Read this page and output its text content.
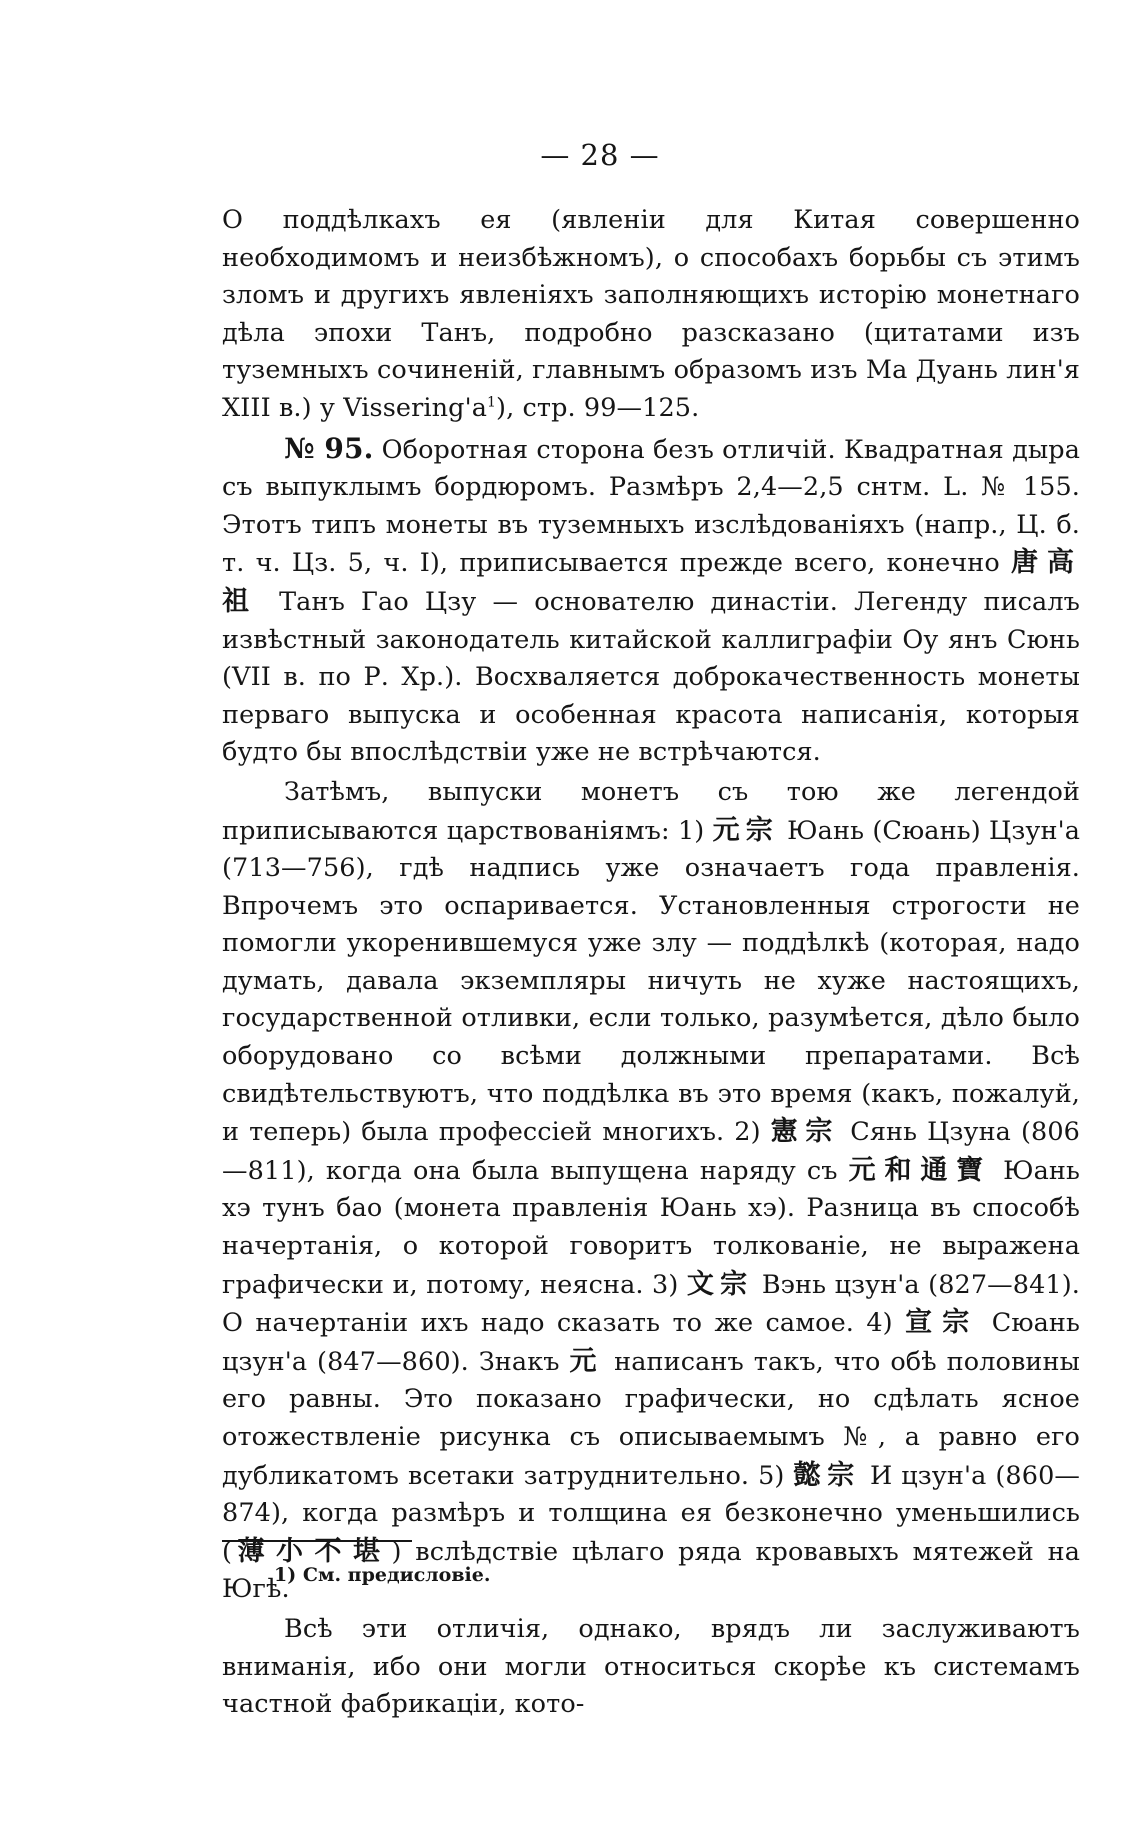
— 28 —

О поддѣлкахъ ея (явленіи для Китая совершенно необходимомъ и неизбѣжномъ), о способахъ борьбы съ этимъ зломъ и другихъ явленіяхъ заполняющихъ исторію монетнаго дѣла эпохи Танъ, подробно разсказано (цитатами изъ туземныхъ сочиненій, главнымъ образомъ изъ Ма Дуань лин'я XIII в.) у $Vissering'a^1$), стр. 99—125.

№ 95. Оборотная сторона безъ отличій. Квадратная дыра съ выпуклымъ бордюромъ. Размѣръ 2,4—2,5 снтм. L. № 155. Этотъ типъ монеты въ туземныхъ изслѣдованіяхъ (напр., Ц. б. т. ч. Цз. 5, ч. I), приписывается прежде всего, конечно 唐高祖 Танъ Гао Цзу — основателю династіи. Легенду писалъ извѣстный законодатель китайской каллиграфіи Оу янъ Сюнь (VII в. по Р. Хр.). Восхваляется доброкачественность монеты перваго выпуска и особенная красота написанія, которыя будто бы впослѣдствіи уже не встрѣчаются.

Затѣмъ, выпуски монетъ съ тою же легендой приписываются царствованіямъ: 1) 元宗 Юань (Сюань) Цзун'а (713—756), гдѣ надпись уже означаетъ года правленія. Впрочемъ это оспаривается. Установленныя строгости не помогли укоренившемуся уже злу — поддѣлкѣ (которая, надо думать, давала экземпляры ничуть не хуже настоящихъ, государственной отливки, если только, разумѣется, дѣло было оборудовано со всѣми должными препаратами. Всѣ свидѣтельствуютъ, что поддѣлка въ это время (какъ, пожалуй, и теперь) была профессіей многихъ. 2) 憲宗 Сянь Цзуна (806—811), когда она была выпущена наряду съ 元和通寶 Юань хэ тунъ бао (монета правленія Юань хэ). Разница въ способѣ начертанія, о которой говоритъ толкованіе, не выражена графически и, потому, неясна. 3) 文宗 Вэнь цзун'а (827—841). О начертаніи ихъ надо сказать то же самое. 4) 宣宗 Сюань цзун'а (847—860). Знакъ 元 написанъ такъ, что обѣ половины его равны. Это показано графически, но сдѣлать ясное отожествленіе рисунка съ описываемымъ №, а равно его дубликатомъ всетаки затруднительно. 5) 懿宗 И цзун'а (860—874), когда размѣръ и толщина ея безконечно уменьшились (薄小不堪) вслѣдствіе цѣлаго ряда кровавыхъ мятежей на Югѣ.

Всѣ эти отличія, однако, врядъ ли заслуживаютъ вниманія, ибо они могли относиться скорѣе къ системамъ частной фабрикаціи, кото-

1) См. предисловіе.
